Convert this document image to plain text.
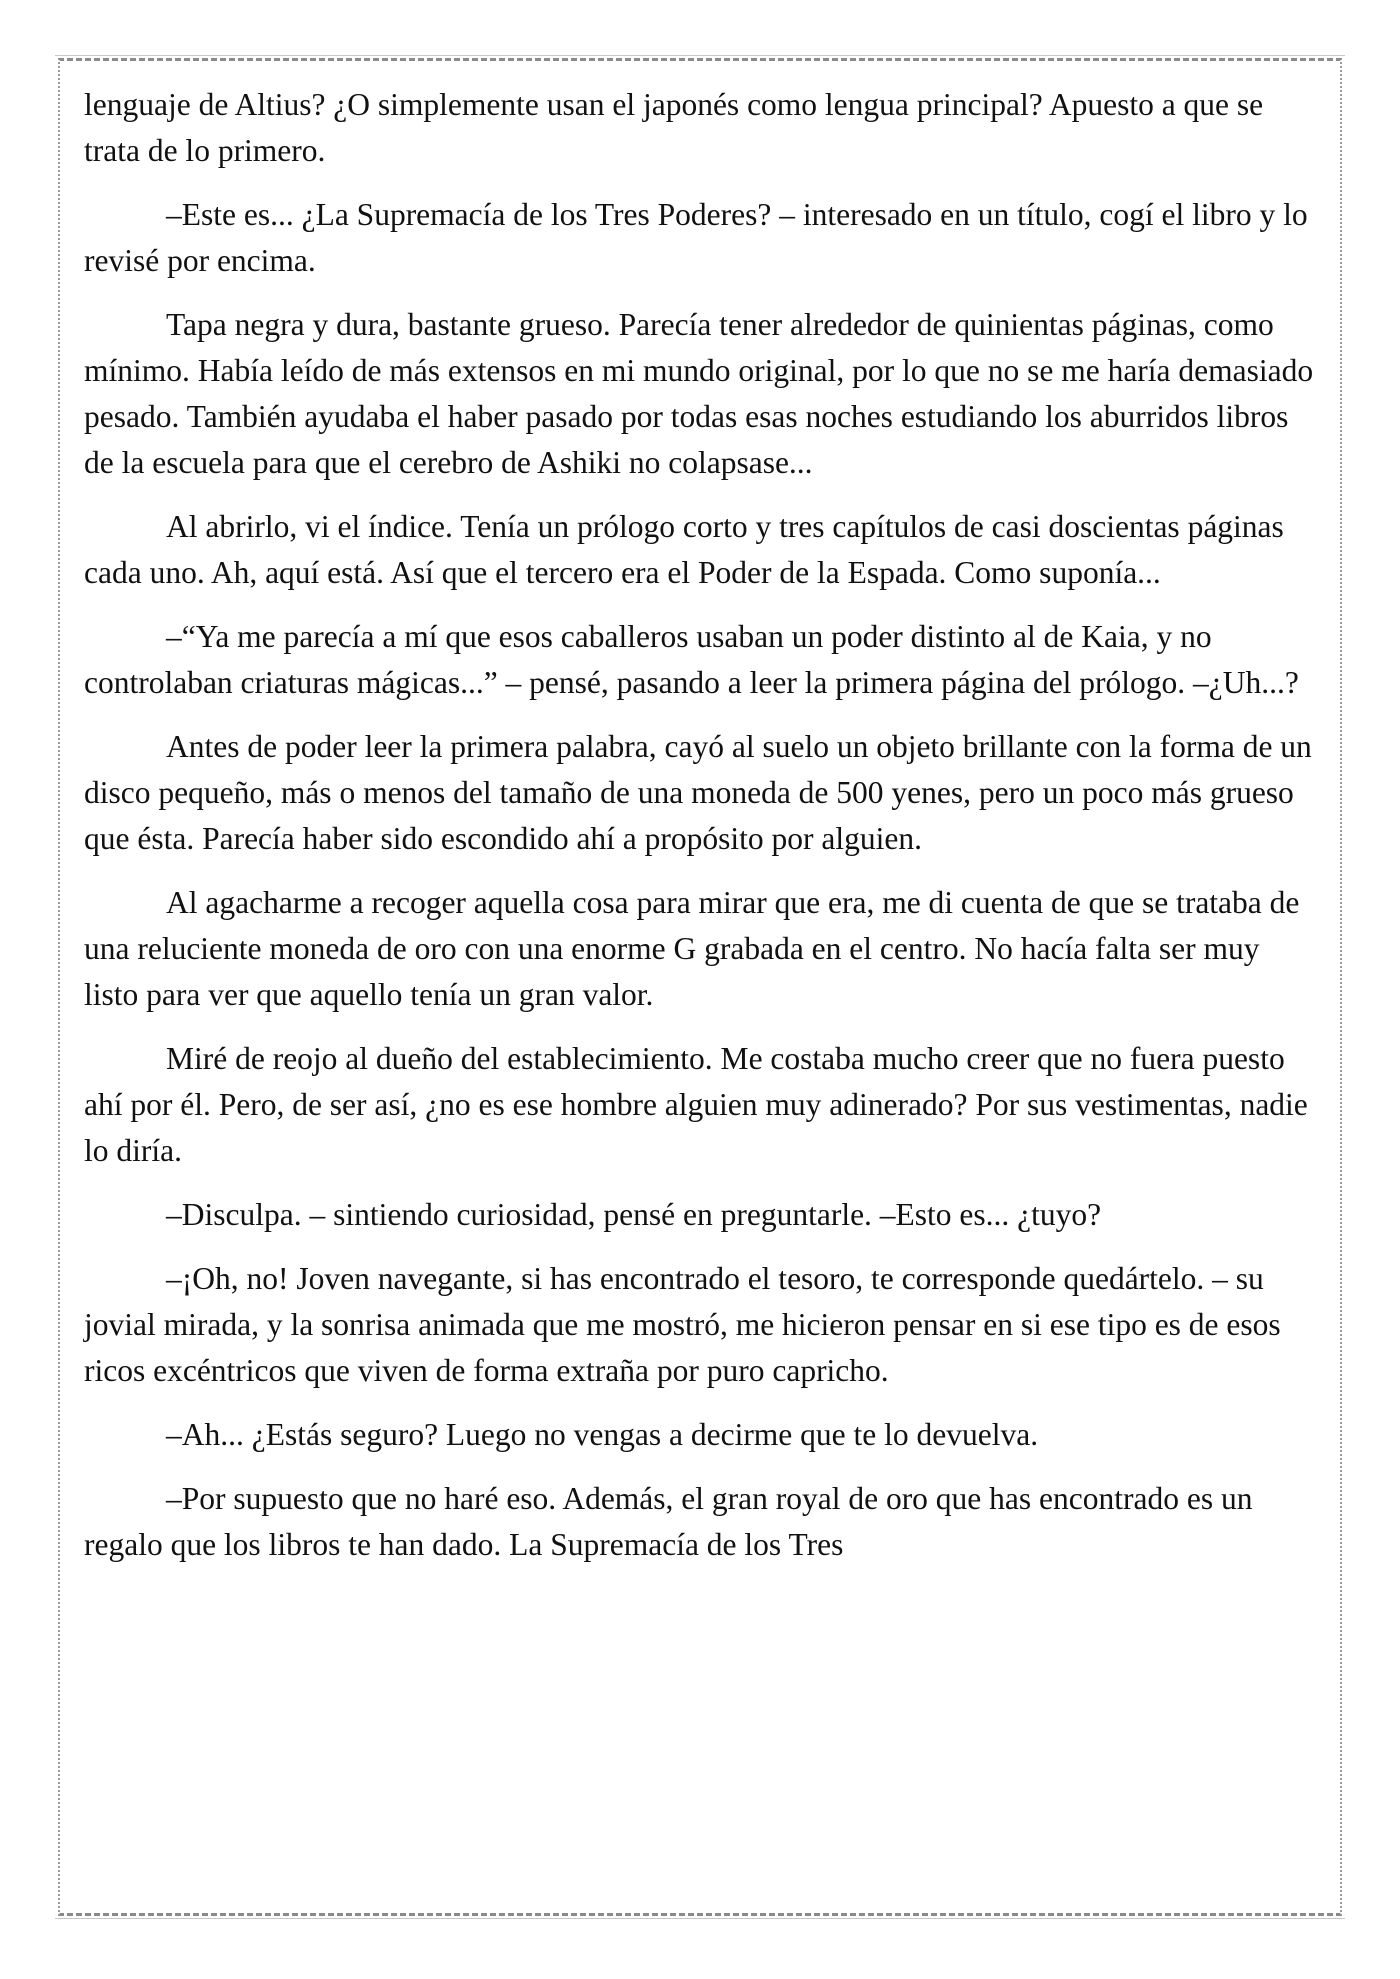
lenguaje de Altius? ¿O simplemente usan el japonés como lengua principal? Apuesto a que se trata de lo primero.

–Este es... ¿La Supremacía de los Tres Poderes? – interesado en un título, cogí el libro y lo revisé por encima.

Tapa negra y dura, bastante grueso. Parecía tener alrededor de quinientas páginas, como mínimo. Había leído de más extensos en mi mundo original, por lo que no se me haría demasiado pesado. También ayudaba el haber pasado por todas esas noches estudiando los aburridos libros de la escuela para que el cerebro de Ashiki no colapsase...

Al abrirlo, vi el índice. Tenía un prólogo corto y tres capítulos de casi doscientas páginas cada uno. Ah, aquí está. Así que el tercero era el Poder de la Espada. Como suponía...

–“Ya me parecía a mí que esos caballeros usaban un poder distinto al de Kaia, y no controlaban criaturas mágicas...” – pensé, pasando a leer la primera página del prólogo. –¿Uh...?

Antes de poder leer la primera palabra, cayó al suelo un objeto brillante con la forma de un disco pequeño, más o menos del tamaño de una moneda de 500 yenes, pero un poco más grueso que ésta. Parecía haber sido escondido ahí a propósito por alguien.

Al agacharme a recoger aquella cosa para mirar que era, me di cuenta de que se trataba de una reluciente moneda de oro con una enorme G grabada en el centro. No hacía falta ser muy listo para ver que aquello tenía un gran valor.

Miré de reojo al dueño del establecimiento. Me costaba mucho creer que no fuera puesto ahí por él. Pero, de ser así, ¿no es ese hombre alguien muy adinerado? Por sus vestimentas, nadie lo diría.

–Disculpa. – sintiendo curiosidad, pensé en preguntarle. –Esto es... ¿tuyo?

–¡Oh, no! Joven navegante, si has encontrado el tesoro, te corresponde quedártelo. – su jovial mirada, y la sonrisa animada que me mostró, me hicieron pensar en si ese tipo es de esos ricos excéntricos que viven de forma extraña por puro capricho.

–Ah... ¿Estás seguro? Luego no vengas a decirme que te lo devuelva.

–Por supuesto que no haré eso. Además, el gran royal de oro que has encontrado es un regalo que los libros te han dado. La Supremacía de los Tres
